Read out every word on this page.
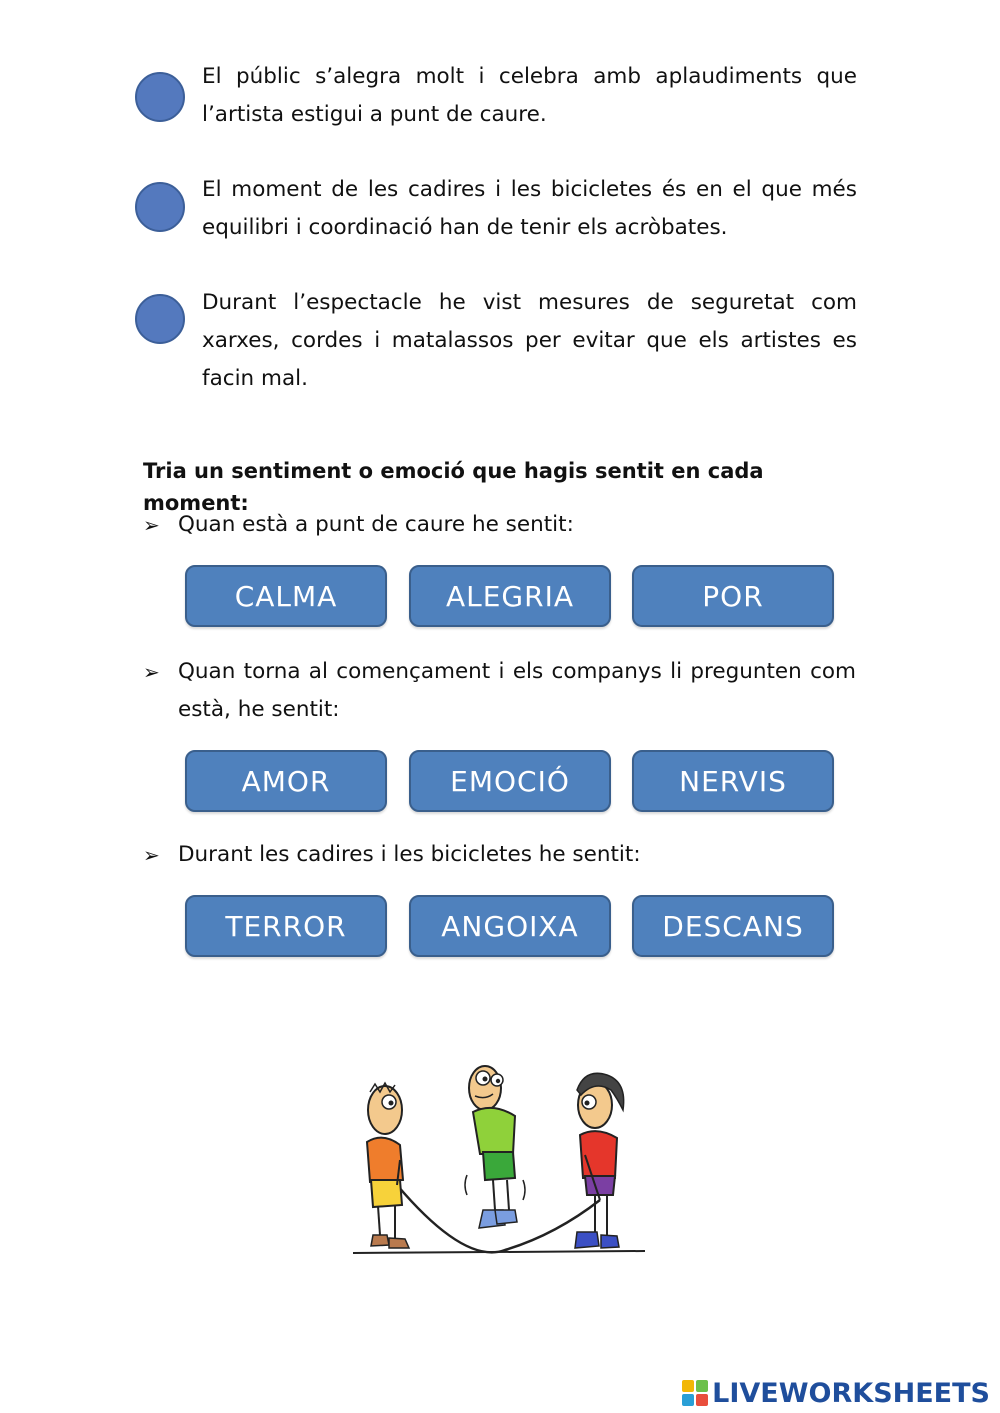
El públic s’alegra molt i celebra amb aplaudiments que l’artista estigui a punt de caure.
El moment de les cadires i les bicicletes és en el que més equilibri i coordinació han de tenir els acròbates.
Durant l’espectacle he vist mesures de seguretat com xarxes, cordes i matalassos per evitar que els artistes es facin mal.
Tria un sentiment o emoció que hagis sentit en cada moment:
➢ Quan està a punt de caure he sentit:
CALMA	ALEGRIA	POR
➢ Quan torna al començament i els companys li pregunten com està, he sentit:
AMOR	EMOCIÓ	NERVIS
➢ Durant les cadires i les bicicletes he sentit:
TERROR	ANGOIXA	DESCANS
LIVEWORKSHEETS
